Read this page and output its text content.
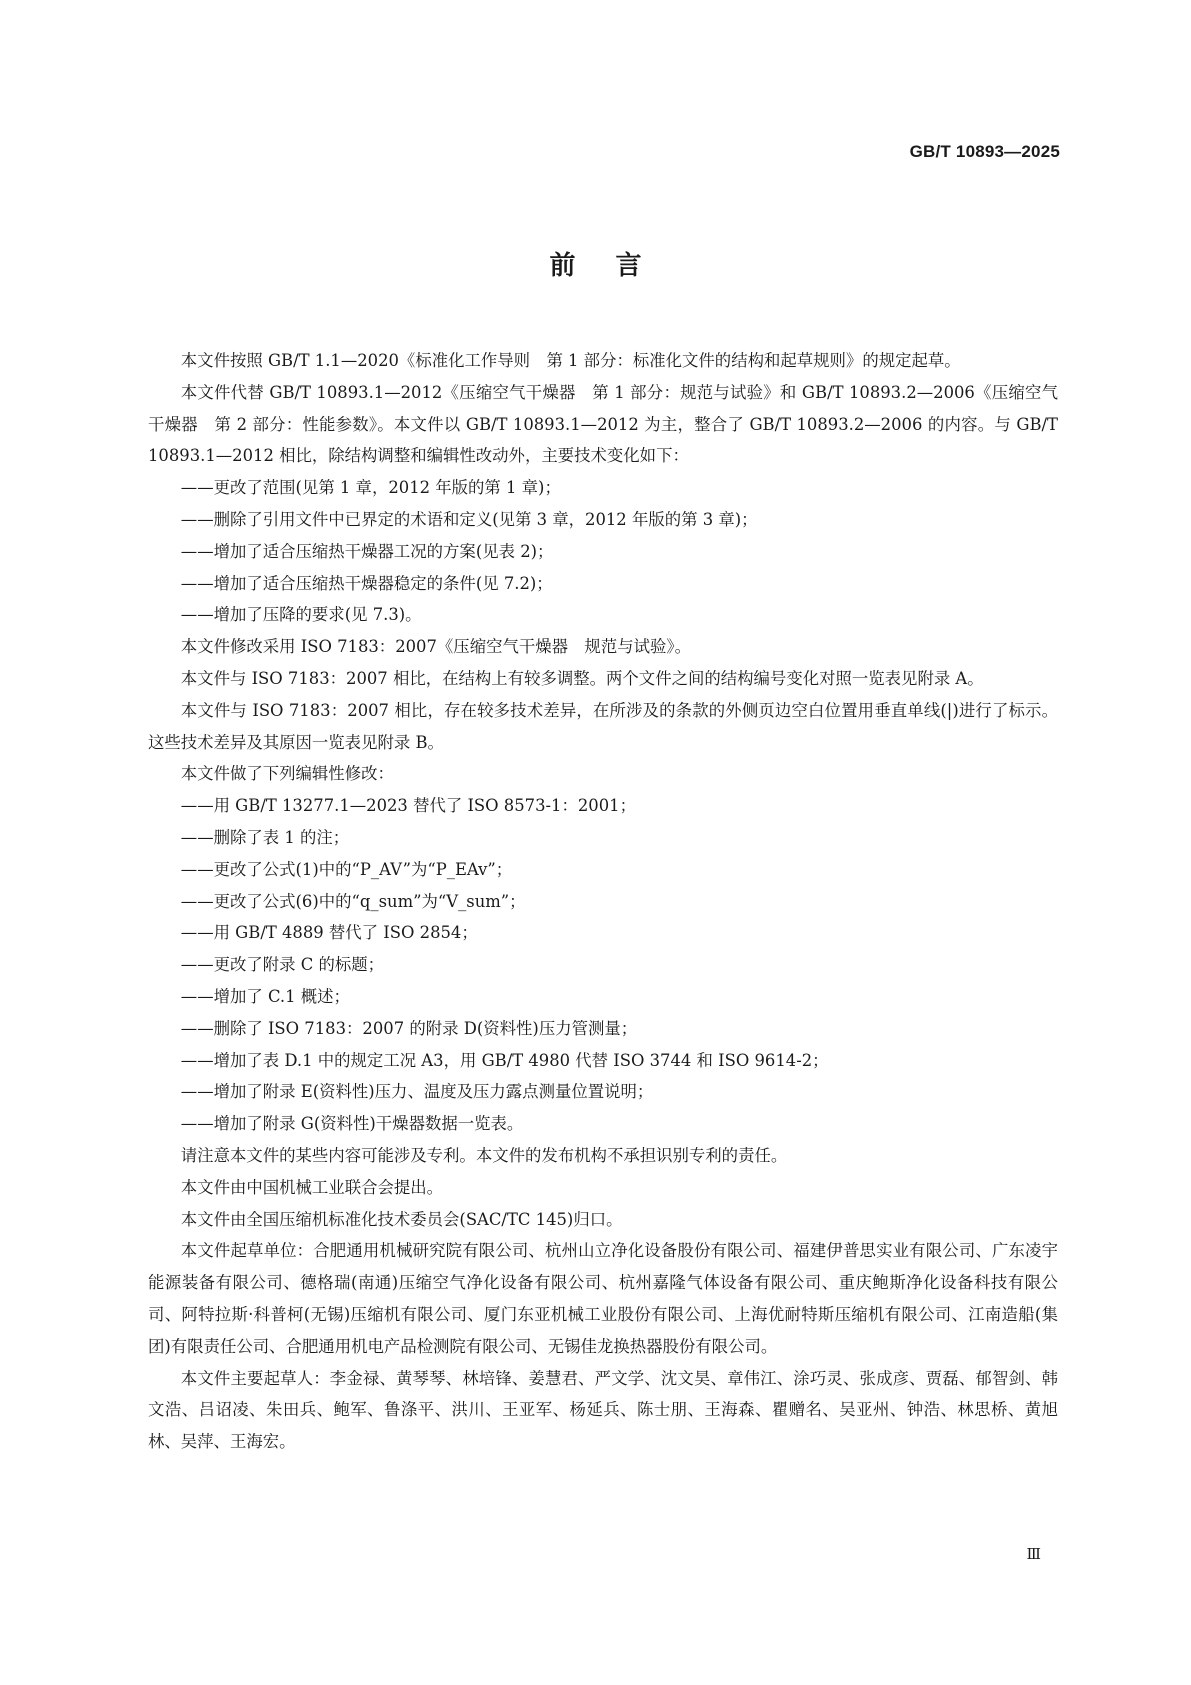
GB/T 10893—2025
前言

本文件按照 GB/T 1.1—2020《标准化工作导则　第 1 部分：标准化文件的结构和起草规则》的规定起草。

本文件代替 GB/T 10893.1—2012《压缩空气干燥器　第 1 部分：规范与试验》和 GB/T 10893.2—2006《压缩空气干燥器　第 2 部分：性能参数》。本文件以 GB/T 10893.1—2012 为主，整合了 GB/T 10893.2—2006 的内容。与 GB/T 10893.1—2012 相比，除结构调整和编辑性改动外，主要技术变化如下：

——更改了范围(见第 1 章，2012 年版的第 1 章)；

——删除了引用文件中已界定的术语和定义(见第 3 章，2012 年版的第 3 章)；

——增加了适合压缩热干燥器工况的方案(见表 2)；

——增加了适合压缩热干燥器稳定的条件(见 7.2)；

——增加了压降的要求(见 7.3)。

本文件修改采用 ISO 7183：2007《压缩空气干燥器　规范与试验》。

本文件与 ISO 7183：2007 相比，在结构上有较多调整。两个文件之间的结构编号变化对照一览表见附录 A。

本文件与 ISO 7183：2007 相比，存在较多技术差异，在所涉及的条款的外侧页边空白位置用垂直单线(|)进行了标示。这些技术差异及其原因一览表见附录 B。

本文件做了下列编辑性修改：

——用 GB/T 13277.1—2023 替代了 ISO 8573-1：2001；

——删除了表 1 的注；

——更改了公式(1)中的“P_AV”为“P_EAv”；

——更改了公式(6)中的“q_sum”为“V_sum”；

——用 GB/T 4889 替代了 ISO 2854；

——更改了附录 C 的标题；

——增加了 C.1 概述；

——删除了 ISO 7183：2007 的附录 D(资料性)压力管测量；

——增加了表 D.1 中的规定工况 A3，用 GB/T 4980 代替 ISO 3744 和 ISO 9614-2；

——增加了附录 E(资料性)压力、温度及压力露点测量位置说明；

——增加了附录 G(资料性)干燥器数据一览表。

请注意本文件的某些内容可能涉及专利。本文件的发布机构不承担识别专利的责任。

本文件由中国机械工业联合会提出。

本文件由全国压缩机标准化技术委员会(SAC/TC 145)归口。

本文件起草单位：合肥通用机械研究院有限公司、杭州山立净化设备股份有限公司、福建伊普思实业有限公司、广东凌宇能源装备有限公司、德格瑞(南通)压缩空气净化设备有限公司、杭州嘉隆气体设备有限公司、重庆鲍斯净化设备科技有限公司、阿特拉斯·科普柯(无锡)压缩机有限公司、厦门东亚机械工业股份有限公司、上海优耐特斯压缩机有限公司、江南造船(集团)有限责任公司、合肥通用机电产品检测院有限公司、无锡佳龙换热器股份有限公司。

本文件主要起草人：李金禄、黄琴琴、林培锋、姜慧君、严文学、沈文昊、章伟江、涂巧灵、张成彦、贾磊、郁智剑、韩文浩、吕诏凌、朱田兵、鲍军、鲁涤平、洪川、王亚军、杨延兵、陈士朋、王海森、瞿赠名、吴亚州、钟浩、林思桥、黄旭林、吴萍、王海宏。

Ⅲ
